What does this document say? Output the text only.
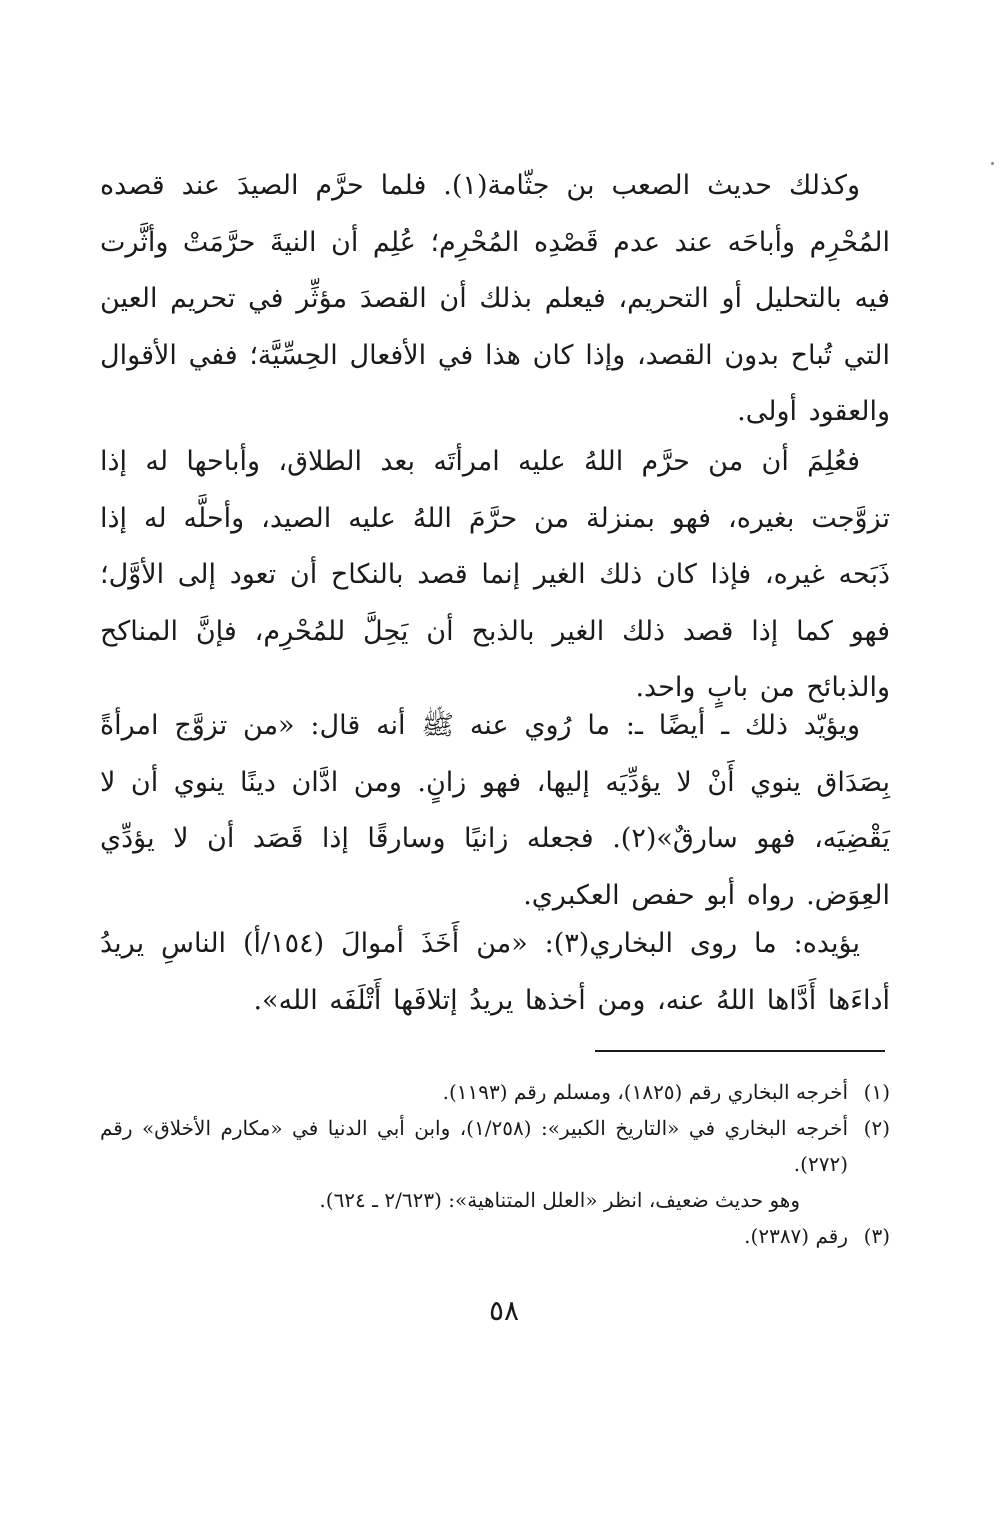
وكذلك حديث الصعب بن جثّامة(١). فلما حرَّم الصيدَ عند قصده المُحْرِم وأباحَه عند عدم قَصْدِه المُحْرِم؛ عُلِم أن النيةَ حرَّمَتْ وأثَّرت فيه بالتحليل أو التحريم، فيعلم بذلك أن القصدَ مؤثِّر في تحريم العين التي تُباح بدون القصد، وإذا كان هذا في الأفعال الحِسِّيَّة؛ ففي الأقوال والعقود أولى.

فعُلِمَ أن من حرَّم اللهُ عليه امرأتَه بعد الطلاق، وأباحها له إذا تزوَّجت بغيره، فهو بمنزلة من حرَّمَ اللهُ عليه الصيد، وأحلَّه له إذا ذَبَحه غيره، فإذا كان ذلك الغير إنما قصد بالنكاح أن تعود إلى الأوَّل؛ فهو كما إذا قصد ذلك الغير بالذبح أن يَحِلَّ للمُحْرِم، فإنَّ المناكح والذبائح من بابٍ واحد.

ويؤيّد ذلك ـ أيضًا ـ: ما رُوي عنه ﷺ أنه قال: «من تزوَّج امرأةً بِصَدَاق ينوي أَنْ لا يؤدِّيَه إليها، فهو زانٍ. ومن ادَّان دينًا ينوي أن لا يَقْضِيَه، فهو سارقٌ»(٢). فجعله زانيًا وسارقًا إذا قَصَد أن لا يؤدِّي العِوَض. رواه أبو حفص العكبري.

يؤيده: ما روى البخاري(٣): «من أَخَذَ أموالَ (١٥٤/أ) الناسِ يريدُ أداءَها أَدَّاها اللهُ عنه، ومن أخذها يريدُ إتلافَها أَتْلَفَه الله».

(١)
أخرجه البخاري رقم (١٨٢٥)، ومسلم رقم (١١٩٣).
(٢)
أخرجه البخاري في «التاريخ الكبير»: (١/٢٥٨)، وابن أبي الدنيا في «مكارم الأخلاق» رقم (٢٧٢).

وهو حديث ضعيف، انظر «العلل المتناهية»: (٢/٦٢٣ ـ ٦٢٤).

(٣)
رقم (٢٣٨٧).
٥٨
